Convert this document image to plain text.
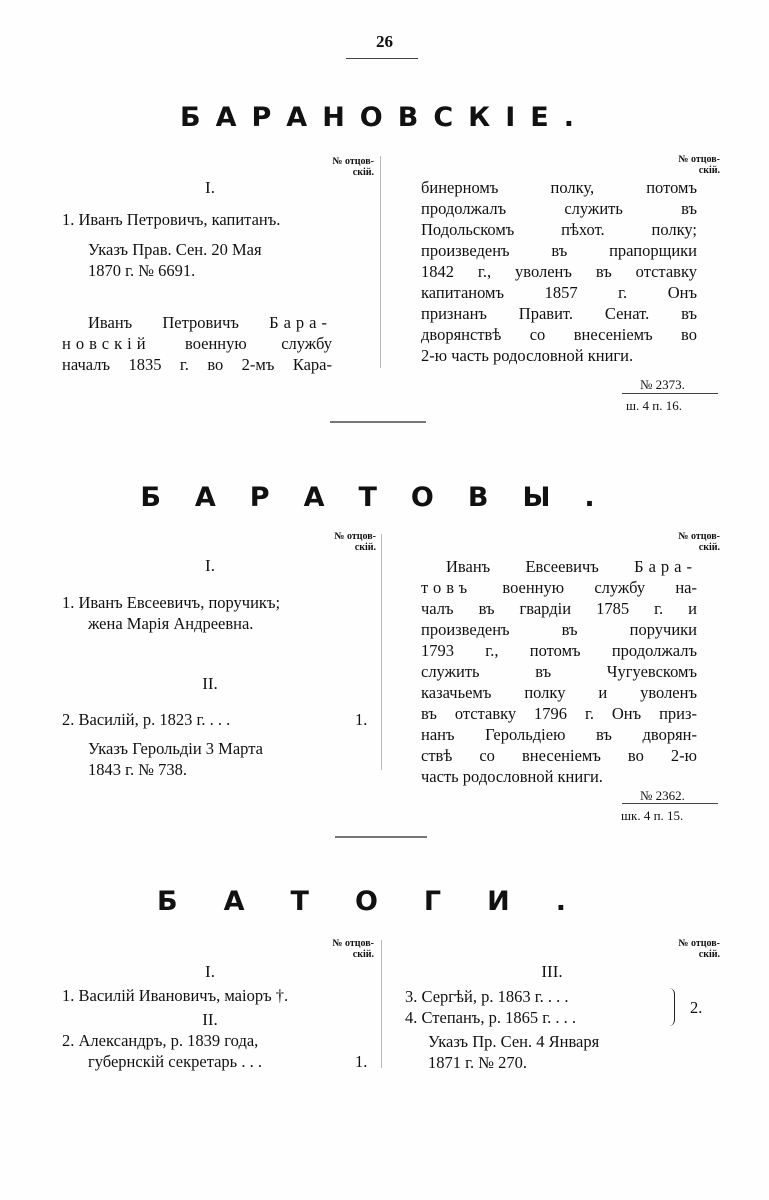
26
БАРАНОВСКІЕ.
№ отцов-
скій.
№ отцов-
скій.
I.
1. Иванъ Петровичъ, капитанъ.
Указъ Прав. Сен. 20 Мая
1870 г. № 6691.
Иванъ Петровичъ Бара-
новскій военную службу
началъ 1835 г. во 2-мъ Кара-
бинерномъ полку, потомъ
продолжалъ служить въ
Подольскомъ пѣхот. полку;
произведенъ въ прапорщики
1842 г., уволенъ въ отставку
капитаномъ 1857 г. Онъ
признанъ Правит. Сенат. въ
дворянствѣ со внесеніемъ во
2-ю часть родословной книги.
№ 2373.
ш. 4 п. 16.
БАРАТОВЫ.
№ отцов-
скій.
№ отцов-
скій.
I.
1. Иванъ Евсеевичъ, поручикъ;
жена Марія Андреевна.
II.
2. Василій, р. 1823 г. . . .	1.
Указъ Герольдіи 3 Марта
1843 г. № 738.
Иванъ Евсеевичъ Бара-
товъ военную службу на-
чалъ въ гвардіи 1785 г. и
произведенъ въ поручики
1793 г., потомъ продолжалъ
служить въ Чугуевскомъ
казачьемъ полку и уволенъ
въ отставку 1796 г. Онъ приз-
нанъ Герольдіею въ дворян-
ствѣ со внесеніемъ во 2-ю
часть родословной книги.
№ 2362.
шк. 4 п. 15.
БАТОГИ.
№ отцов-
скій.
№ отцов-
скій.
I.
1. Василій Ивановичъ, маіоръ †.
II.
2. Александръ, р. 1839 года,
губернскій секретарь . . .	1.
III.
3. Сергѣй, р. 1863 г. . . .
4. Степанъ, р. 1865 г. . . .
2.
Указъ Пр. Сен. 4 Января
1871 г. № 270.
